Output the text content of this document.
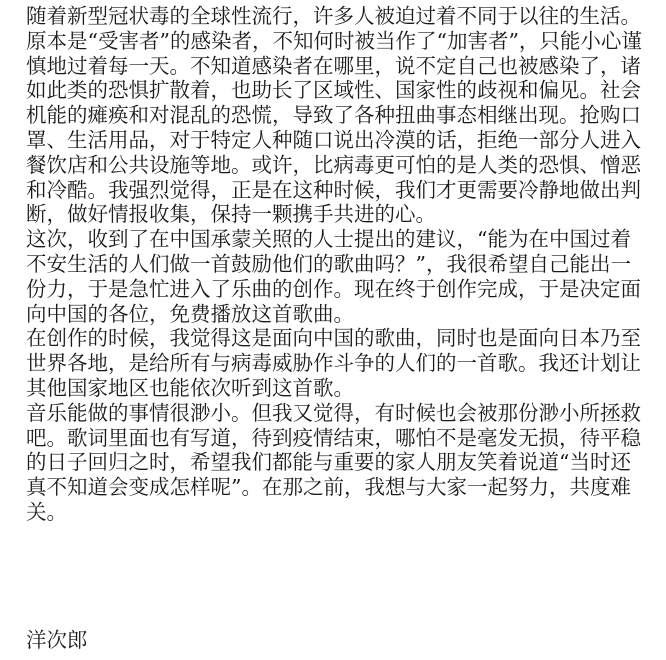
随着新型冠状毒的全球性流行，许多人被迫过着不同于以往的生活。原本是“受害者”的感染者，不知何时被当作了“加害者”，只能小心谨慎地过着每一天。不知道感染者在哪里，说不定自己也被感染了，诸如此类的恐惧扩散着，也助长了区域性、国家性的歧视和偏见。社会机能的瘫痪和对混乱的恐慌，导致了各种扭曲事态相继出现。抢购口罩、生活用品，对于特定人种随口说出冷漠的话，拒绝一部分人进入餐饮店和公共设施等地。或许，比病毒更可怕的是人类的恐惧、憎恶和冷酷。我强烈觉得，正是在这种时候，我们才更需要冷静地做出判断，做好情报收集，保持一颗携手共进的心。

这次，收到了在中国承蒙关照的人士提出的建议，“能为在中国过着不安生活的人们做一首鼓励他们的歌曲吗？”，我很希望自己能出一份力，于是急忙进入了乐曲的创作。现在终于创作完成，于是决定面向中国的各位，免费播放这首歌曲。

在创作的时候，我觉得这是面向中国的歌曲，同时也是面向日本乃至世界各地，是给所有与病毒威胁作斗争的人们的一首歌。我还计划让其他国家地区也能依次听到这首歌。

音乐能做的事情很渺小。但我又觉得，有时候也会被那份渺小所拯救吧。歌词里面也有写道，待到疫情结束，哪怕不是毫发无损，待平稳的日子回归之时，希望我们都能与重要的家人朋友笑着说道“当时还真不知道会变成怎样呢”。在那之前，我想与大家一起努力，共度难关。

洋次郎
